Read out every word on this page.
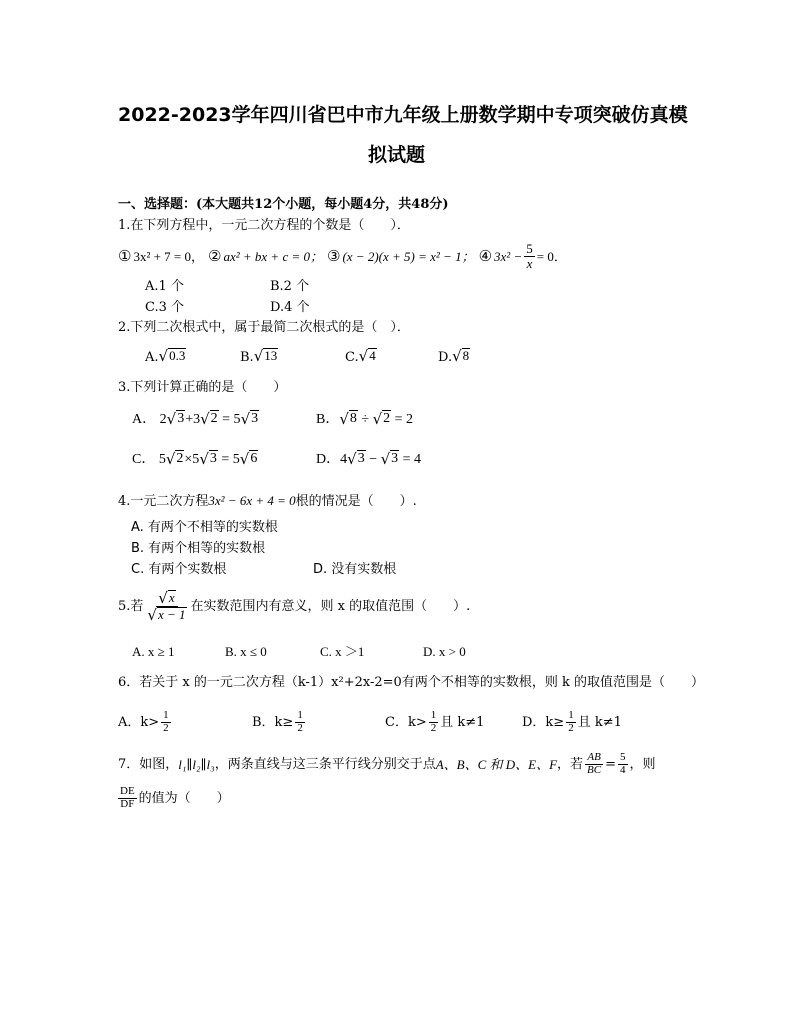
2022-2023学年四川省巴中市九年级上册数学期中专项突破仿真模
拟试题
一、选择题：(本大题共12个小题，每小题4分，共48分)
1.在下列方程中，一元二次方程的个数是（　　）．
① 3x² + 7 = 0， ② ax² + bx + c = 0； ③ (x − 2)(x + 5) = x² − 1； ④ $3x^2 - \frac{5}{x} = 0$．
A.1 个	B.2 个
C.3 个	D.4 个
2.下列二次根式中，属于最简二次根式的是（　）．
A. √ 0.3	B. √ 13	C. √ 4	D. √ 8
3.下列计算正确的是（　　）
A． 2 √ 3 +3 √ 2 = 5 √ 3	B． √ 8 ÷ √ 2 = 2
C． 5 √ 2 ×5 √ 3 = 5 √ 6	D． 4 √ 3 − √ 3 = 4
4.一元二次方程3x² − 6x + 4 = 0根的情况是（　　）.
A. 有两个不相等的实数根
B. 有两个相等的实数根
C. 有两个实数根	D. 没有实数根
5.若 $\frac{√ x}{√ x - 1}$ 在实数范围内有意义，则 x 的取值范围（　　）.
A. x ≥ 1	B. x ≤ 0	C. x ＞1	D. x > 0
6．若关于 x 的一元二次方程（k-1）x²+2x-2=0有两个不相等的实数根，则 k 的取值范围是（　　）
A．$k> \frac{1}{2}$	B．$k\ge \frac{1}{2}$	C．$k> \frac{1}{2}$ 且 k≠1	D．$k\ge \frac{1}{2}$ 且 k≠1
7．如图， l₁∥l₂∥l₃ ，两条直线与这三条平行线分别交于点 A、B、C 和 D、E、F ，若 $\frac{AB}{BC} = \frac{5}{4}$ ，则
$\frac{DE}{DF}$ 的值为（　　）
